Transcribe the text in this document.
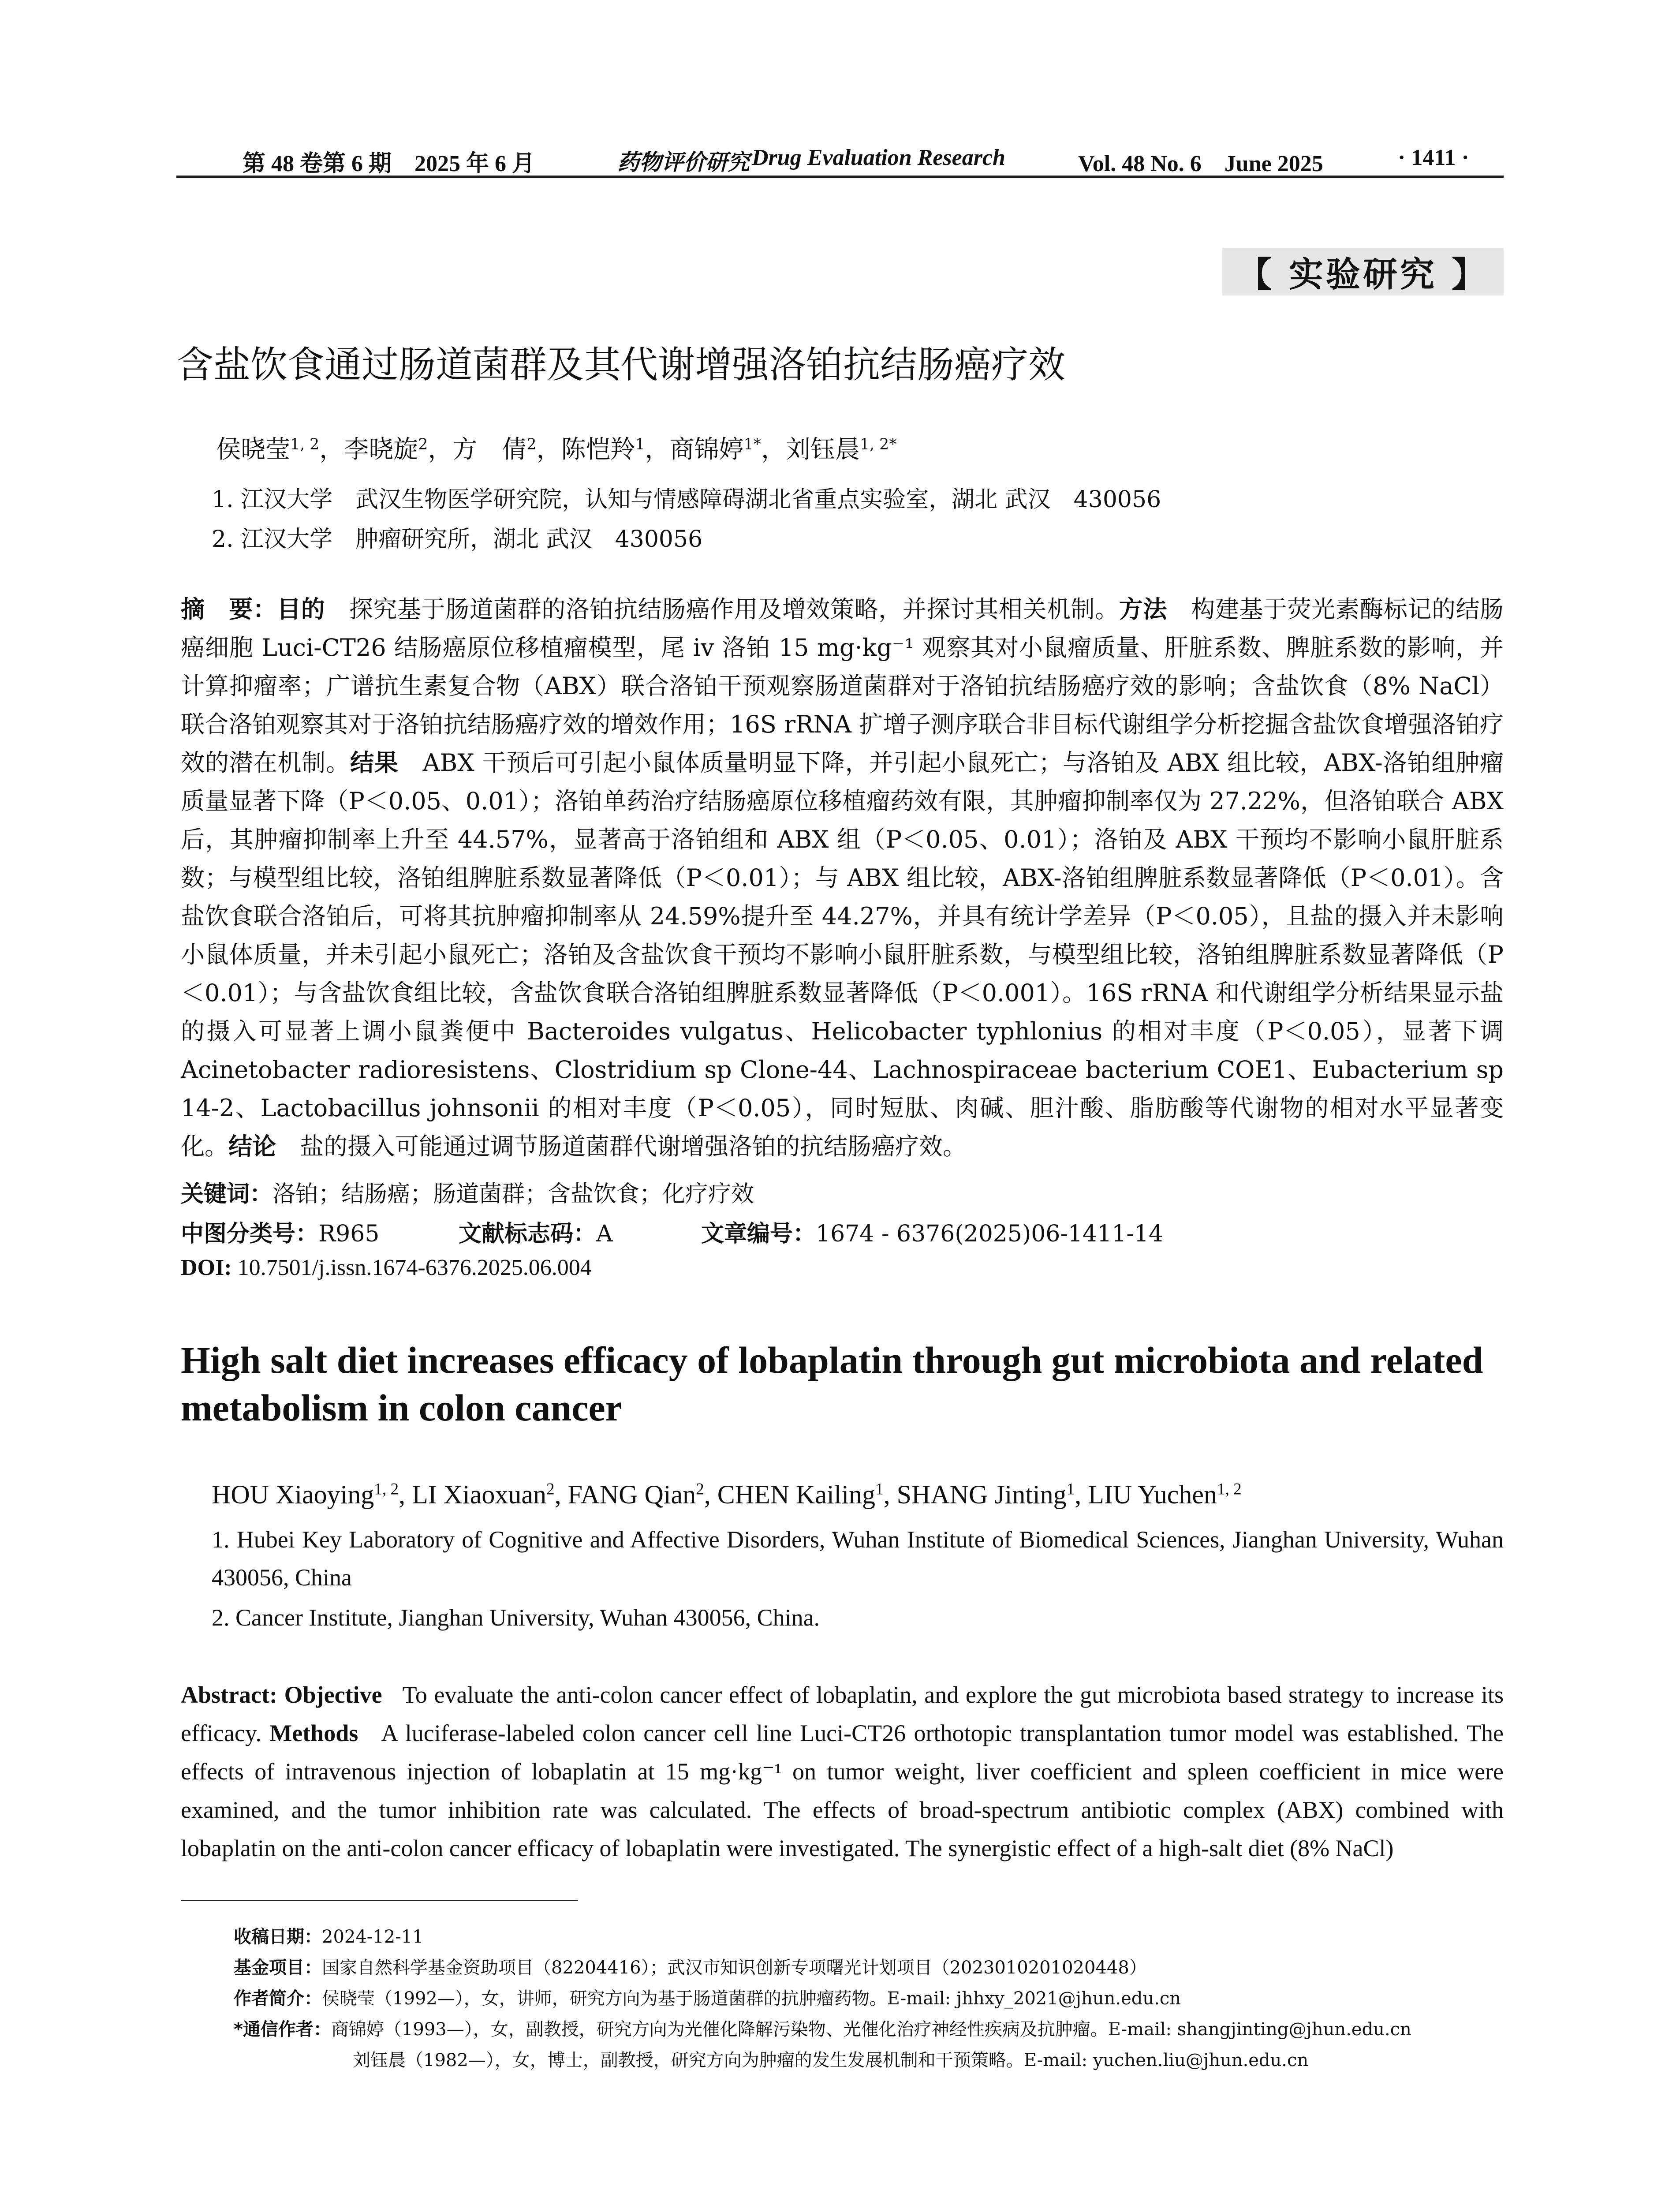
第 48 卷第 6 期　2025 年 6 月	药物评价研究 Drug Evaluation Research	Vol. 48 No. 6　June 2025	· 1411 ·
【 实验研究 】
含盐饮食通过肠道菌群及其代谢增强洛铂抗结肠癌疗效
侯晓莹$^{1, 2}$，李晓旋$^2$，方　倩$^2$，陈恺羚$^1$，商锦婷$^{1*}$，刘钰晨$^{1, 2*}$
1. 江汉大学　武汉生物医学研究院，认知与情感障碍湖北省重点实验室，湖北 武汉　430056
2. 江汉大学　肿瘤研究所，湖北 武汉　430056
摘　要：目的　 探究基于肠道菌群的洛铂抗结肠癌作用及增效策略，并探讨其相关机制。方法　 构建基于荧光素酶标记的结肠癌细胞 Luci-CT26 结肠癌原位移植瘤模型，尾 iv 洛铂 15 mg·kg⁻¹ 观察其对小鼠瘤质量、肝脏系数、脾脏系数的影响，并计算抑瘤率；广谱抗生素复合物（ABX）联合洛铂干预观察肠道菌群对于洛铂抗结肠癌疗效的影响；含盐饮食（8% NaCl）联合洛铂观察其对于洛铂抗结肠癌疗效的增效作用；16S rRNA 扩增子测序联合非目标代谢组学分析挖掘含盐饮食增强洛铂疗效的潜在机制。结果　 ABX 干预后可引起小鼠体质量明显下降，并引起小鼠死亡；与洛铂及 ABX 组比较，ABX-洛铂组肿瘤质量显著下降（P＜0.05、0.01）；洛铂单药治疗结肠癌原位移植瘤药效有限，其肿瘤抑制率仅为 27.22%，但洛铂联合 ABX 后，其肿瘤抑制率上升至 44.57%，显著高于洛铂组和 ABX 组（P＜0.05、0.01）；洛铂及 ABX 干预均不影响小鼠肝脏系数；与模型组比较，洛铂组脾脏系数显著降低（P＜0.01）；与 ABX 组比较，ABX-洛铂组脾脏系数显著降低（P＜0.01）。含盐饮食联合洛铂后，可将其抗肿瘤抑制率从 24.59%提升至 44.27%，并具有统计学差异（P＜0.05），且盐的摄入并未影响小鼠体质量，并未引起小鼠死亡；洛铂及含盐饮食干预均不影响小鼠肝脏系数，与模型组比较，洛铂组脾脏系数显著降低（P＜0.01）；与含盐饮食组比较，含盐饮食联合洛铂组脾脏系数显著降低（P＜0.001）。16S rRNA 和代谢组学分析结果显示盐的摄入可显著上调小鼠粪便中 Bacteroides vulgatus、Helicobacter typhlonius 的相对丰度（P＜0.05），显著下调 Acinetobacter radioresistens、Clostridium sp Clone-44、Lachnospiraceae bacterium COE1、Eubacterium sp 14-2、Lactobacillus johnsonii 的相对丰度（P＜0.05），同时短肽、肉碱、胆汁酸、脂肪酸等代谢物的相对水平显著变化。结论　 盐的摄入可能通过调节肠道菌群代谢增强洛铂的抗结肠癌疗效。
关键词：洛铂；结肠癌；肠道菌群；含盐饮食；化疗疗效
中图分类号：R965	文献标志码：A	文章编号：1674 - 6376(2025)06-1411-14
DOI: 10.7501/j.issn.1674-6376.2025.06.004
High salt diet increases efficacy of lobaplatin through gut microbiota and related metabolism in colon cancer
HOU Xiaoying$^{1, 2}$, LI Xiaoxuan$^2$, FANG Qian$^2$, CHEN Kailing$^1$, SHANG Jinting$^1$, LIU Yuchen$^{1, 2}$
1. Hubei Key Laboratory of Cognitive and Affective Disorders, Wuhan Institute of Biomedical Sciences, Jianghan University, Wuhan 430056, China
2. Cancer Institute, Jianghan University, Wuhan 430056, China.
Abstract: Objective To evaluate the anti-colon cancer effect of lobaplatin, and explore the gut microbiota based strategy to increase its efficacy. Methods A luciferase-labeled colon cancer cell line Luci-CT26 orthotopic transplantation tumor model was established. The effects of intravenous injection of lobaplatin at 15 mg·kg⁻¹ on tumor weight, liver coefficient and spleen coefficient in mice were examined, and the tumor inhibition rate was calculated. The effects of broad-spectrum antibiotic complex (ABX) combined with lobaplatin on the anti-colon cancer efficacy of lobaplatin were investigated. The synergistic effect of a high-salt diet (8% NaCl)
收稿日期：2024-12-11
基金项目：国家自然科学基金资助项目（82204416）；武汉市知识创新专项曙光计划项目（2023010201020448）
作者简介：侯晓莹（1992—），女，讲师，研究方向为基于肠道菌群的抗肿瘤药物。E-mail: jhhxy_2021@jhun.edu.cn
*通信作者：商锦婷（1993—），女，副教授，研究方向为光催化降解污染物、光催化治疗神经性疾病及抗肿瘤。E-mail: shangjinting@jhun.edu.cn
刘钰晨（1982—），女，博士，副教授，研究方向为肿瘤的发生发展机制和干预策略。E-mail: yuchen.liu@jhun.edu.cn
